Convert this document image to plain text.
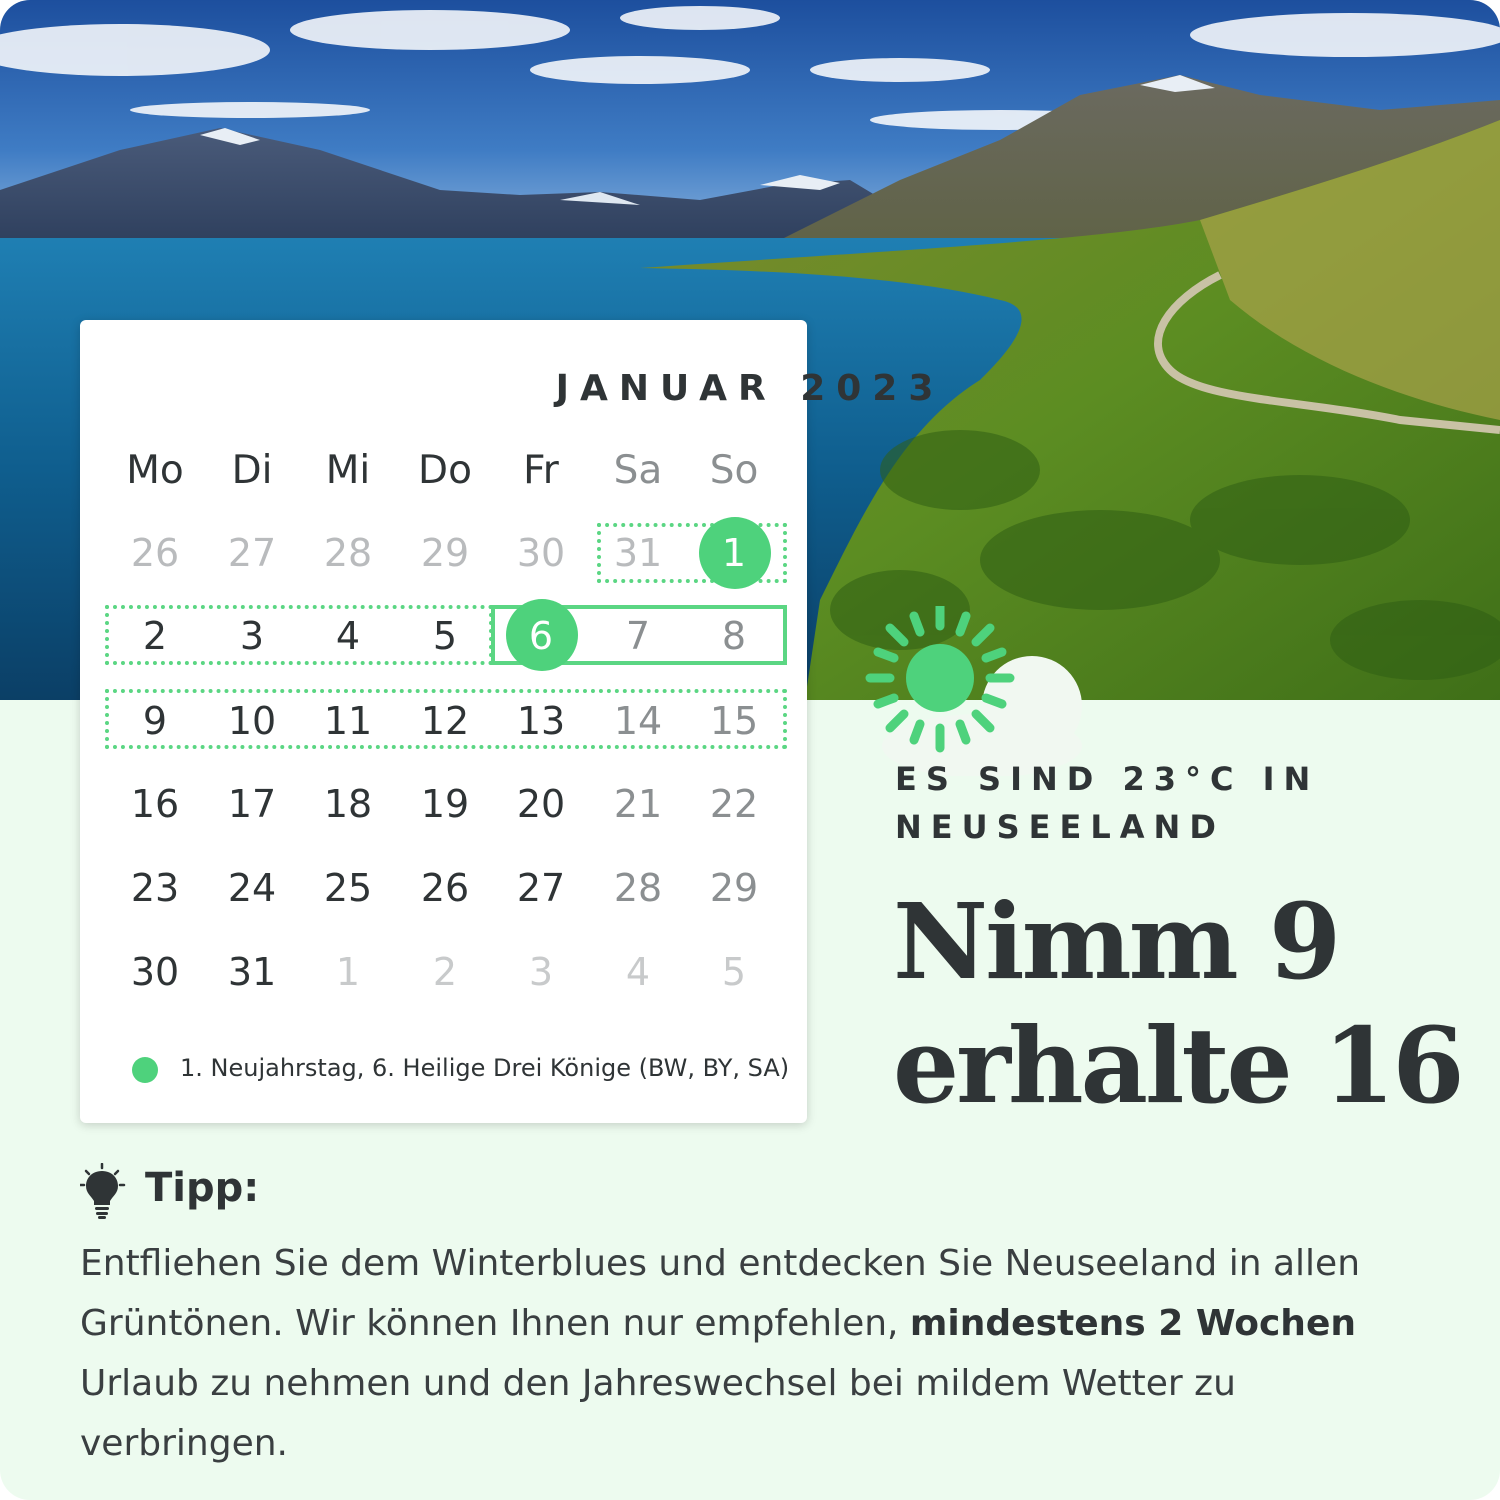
JANUAR 2023
Mo	Di	Mi	Do	Fr	Sa	So
26	27	28	29	30	31	1
2	3	4	5	6	7	8
9	10	11	12	13	14	15
16	17	18	19	20	21	22
23	24	25	26	27	28	29
30	31	1	2	3	4	5
1. Neujahrstag, 6. Heilige Drei Könige (BW, BY, SA)
ES SIND 23°C IN NEUSEELAND
Nimm 9
erhalte 16
Tipp:
Entfliehen Sie dem Winterblues und entdecken Sie Neuseeland in allen Grüntönen. Wir können Ihnen nur empfehlen, mindestens 2 Wochen Urlaub zu nehmen und den Jahreswechsel bei mildem Wetter zu verbringen.
